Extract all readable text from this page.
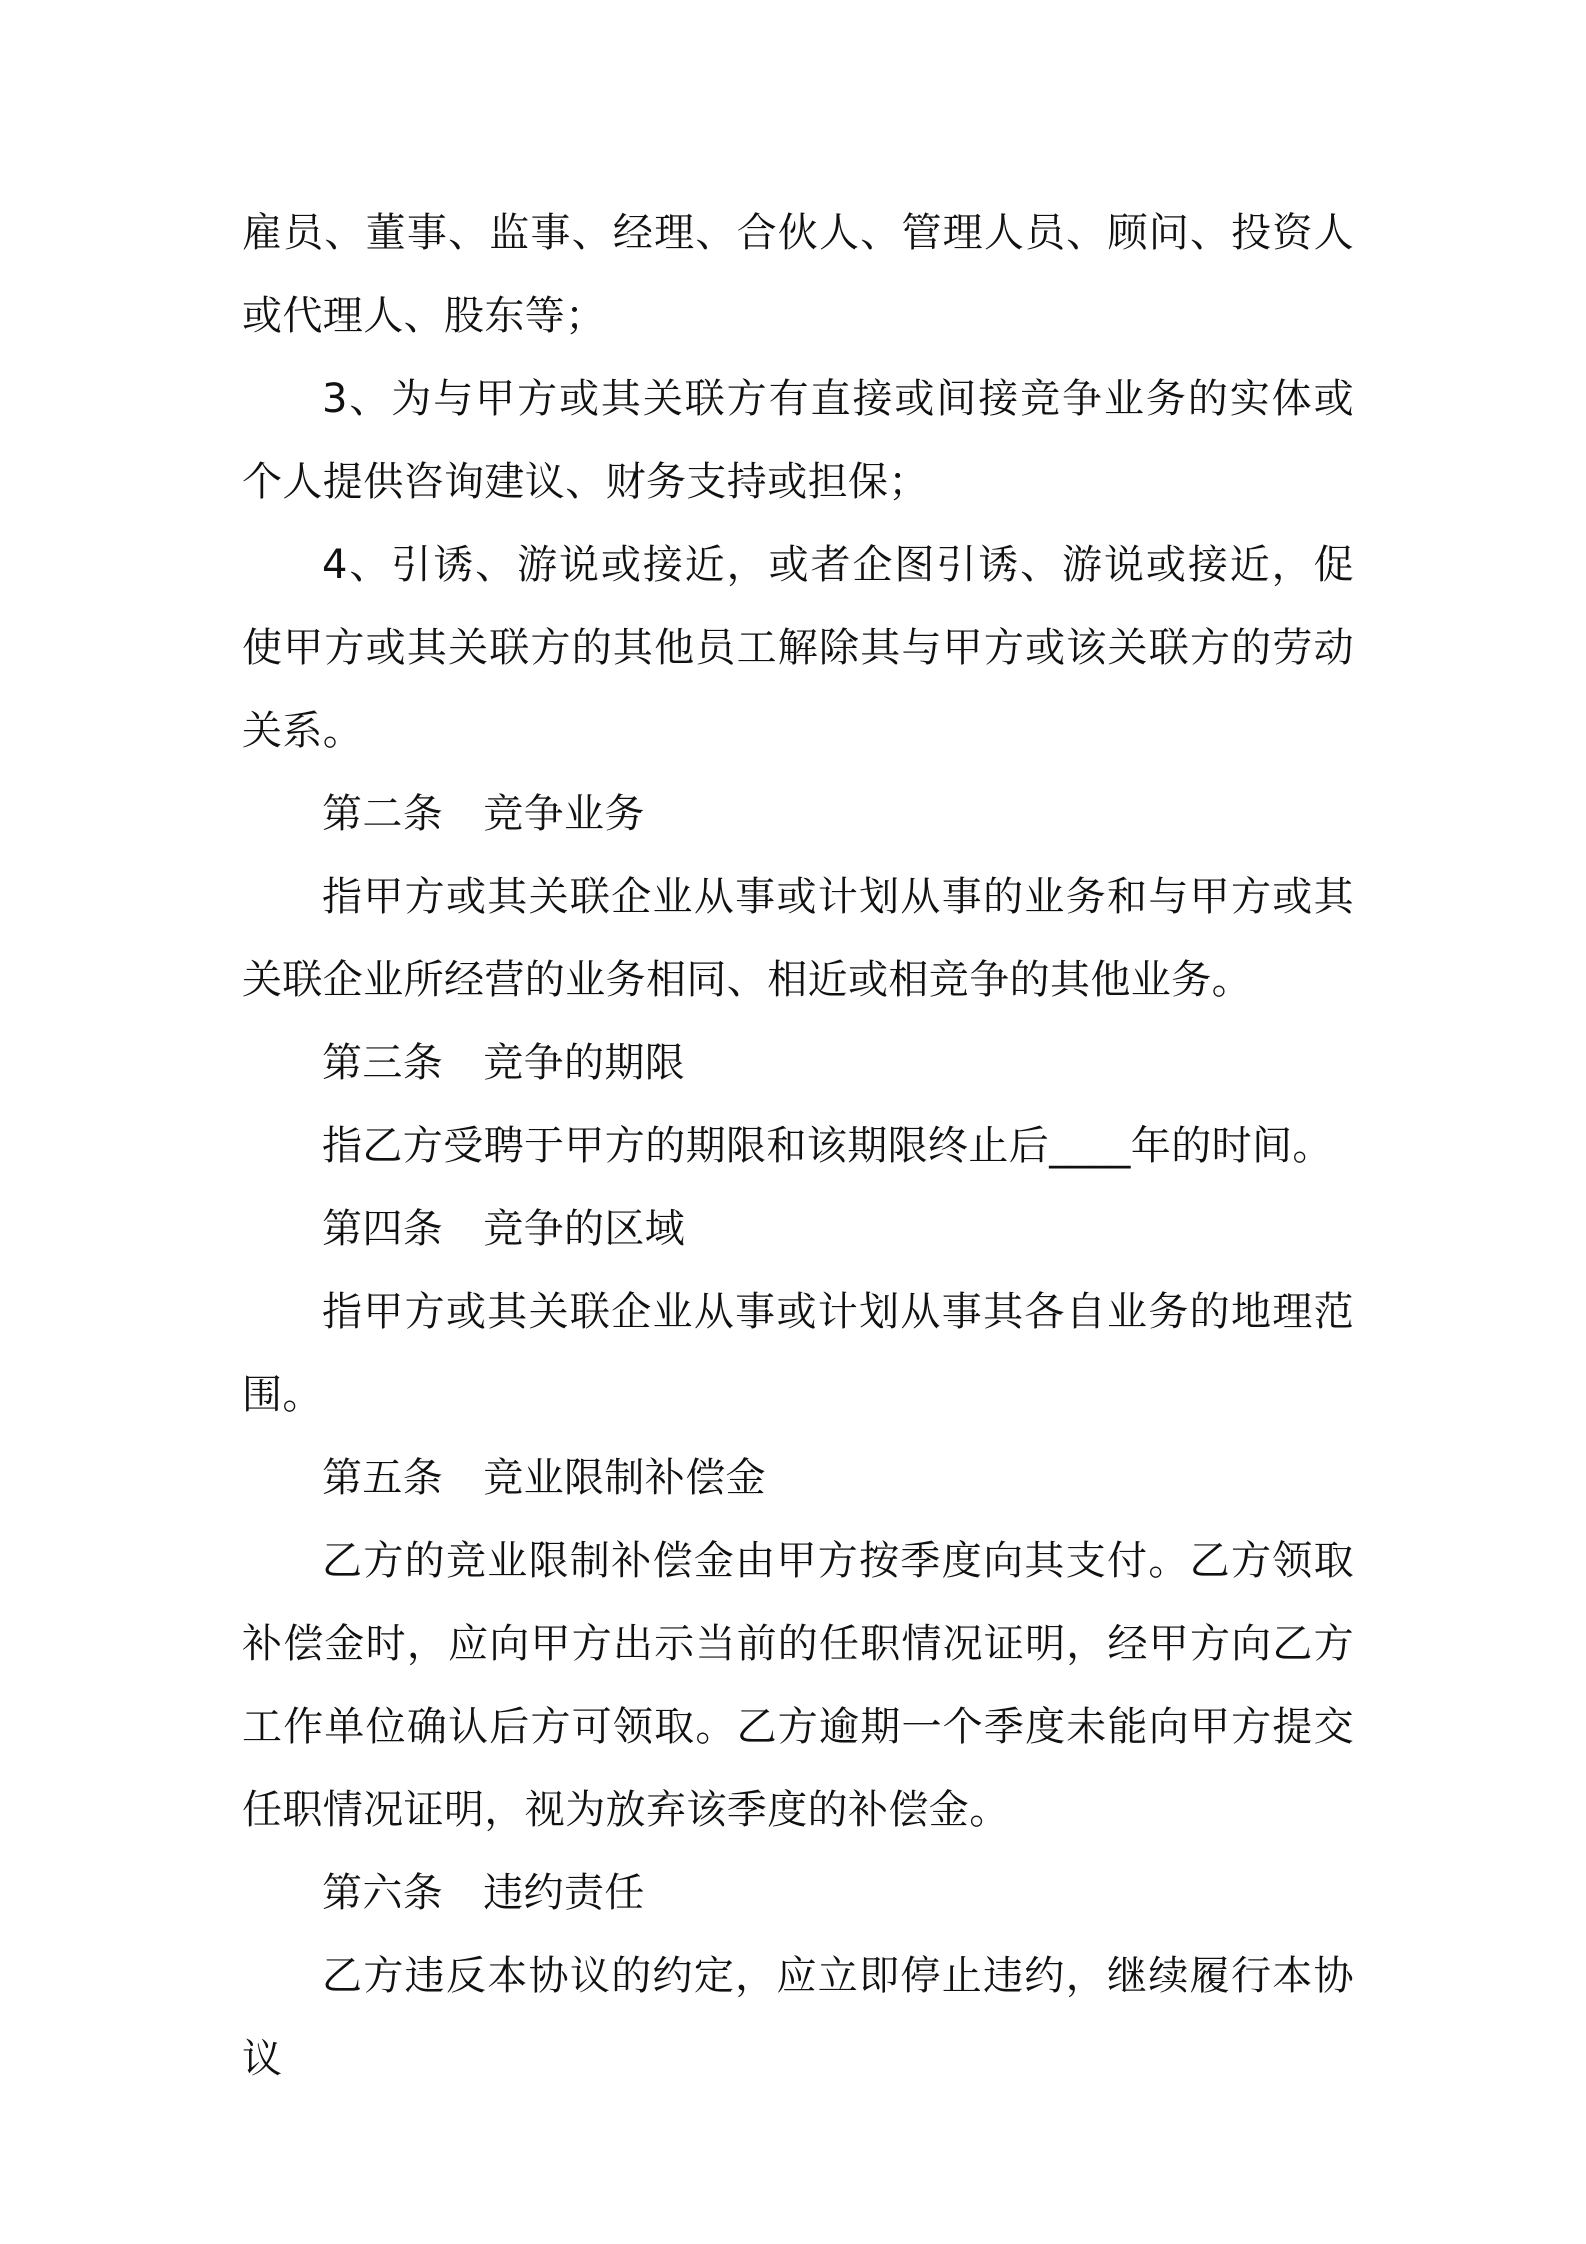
雇员、董事、监事、经理、合伙人、管理人员、顾问、投资人或代理人、股东等；

3、为与甲方或其关联方有直接或间接竞争业务的实体或个人提供咨询建议、财务支持或担保；

4、引诱、游说或接近，或者企图引诱、游说或接近，促使甲方或其关联方的其他员工解除其与甲方或该关联方的劳动关系。

第二条 竞争业务

指甲方或其关联企业从事或计划从事的业务和与甲方或其关联企业所经营的业务相同、相近或相竞争的其他业务。

第三条 竞争的期限

指乙方受聘于甲方的期限和该期限终止后____年的时间。

第四条 竞争的区域

指甲方或其关联企业从事或计划从事其各自业务的地理范围。

第五条 竞业限制补偿金

乙方的竞业限制补偿金由甲方按季度向其支付。乙方领取补偿金时，应向甲方出示当前的任职情况证明，经甲方向乙方工作单位确认后方可领取。乙方逾期一个季度未能向甲方提交任职情况证明，视为放弃该季度的补偿金。

第六条 违约责任

乙方违反本协议的约定，应立即停止违约，继续履行本协议
